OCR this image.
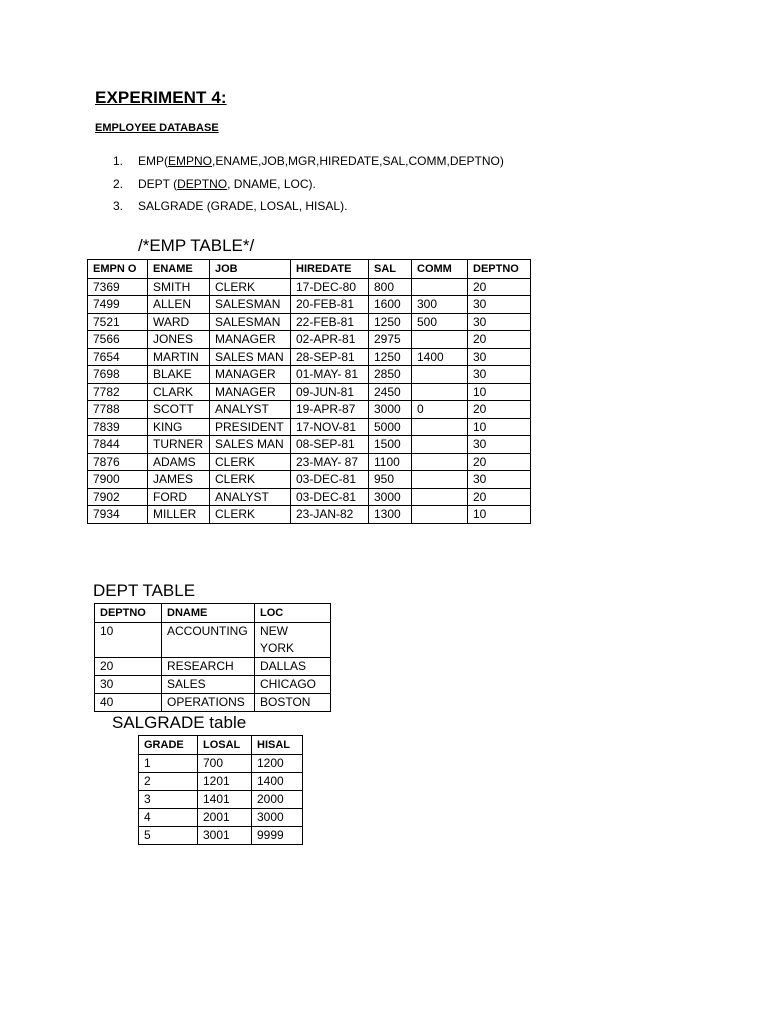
EXPERIMENT 4:
EMPLOYEE DATABASE
1. EMP(EMPNO,ENAME,JOB,MGR,HIREDATE,SAL,COMM,DEPTNO)
2. DEPT (DEPTNO, DNAME, LOC).
3. SALGRADE (GRADE, LOSAL, HISAL).
/*EMP TABLE*/
EMPN O	ENAME	JOB	HIREDATE	SAL	COMM	DEPTNO
7369	SMITH	CLERK	17-DEC-80	800		20
7499	ALLEN	SALESMAN	20-FEB-81	1600	300	30
7521	WARD	SALESMAN	22-FEB-81	1250	500	30
7566	JONES	MANAGER	02-APR-81	2975		20
7654	MARTIN	SALES MAN	28-SEP-81	1250	1400	30
7698	BLAKE	MANAGER	01-MAY- 81	2850		30
7782	CLARK	MANAGER	09-JUN-81	2450		10
7788	SCOTT	ANALYST	19-APR-87	3000	0	20
7839	KING	PRESIDENT	17-NOV-81	5000		10
7844	TURNER	SALES MAN	08-SEP-81	1500		30
7876	ADAMS	CLERK	23-MAY- 87	1100		20
7900	JAMES	CLERK	03-DEC-81	950		30
7902	FORD	ANALYST	03-DEC-81	3000		20
7934	MILLER	CLERK	23-JAN-82	1300		10
DEPT TABLE
DEPTNO	DNAME	LOC
10	ACCOUNTING	NEW YORK
20	RESEARCH	DALLAS
30	SALES	CHICAGO
40	OPERATIONS	BOSTON
SALGRADE table
GRADE	LOSAL	HISAL
1	700	1200
2	1201	1400
3	1401	2000
4	2001	3000
5	3001	9999
